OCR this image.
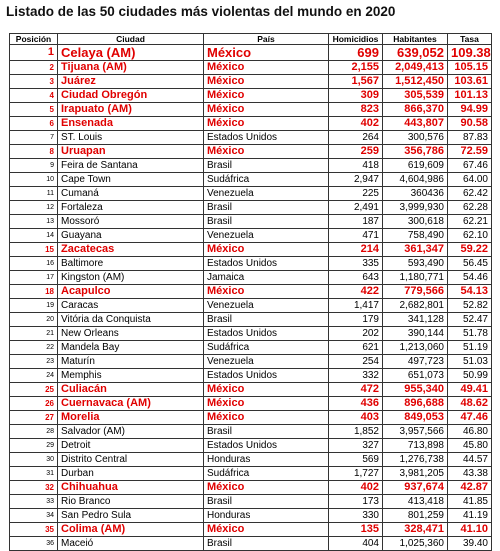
Listado de las 50 ciudades más violentas del mundo en 2020
Posición	Ciudad	País	Homicidios	Habitantes	Tasa
1	Celaya (AM)	México	699	639,052	109.38
2	Tijuana (AM)	México	2,155	2,049,413	105.15
3	Juárez	México	1,567	1,512,450	103.61
4	Ciudad Obregón	México	309	305,539	101.13
5	Irapuato (AM)	México	823	866,370	94.99
6	Ensenada	México	402	443,807	90.58
7	ST. Louis	Estados Unidos	264	300,576	87.83
8	Uruapan	México	259	356,786	72.59
9	Feira de Santana	Brasil	418	619,609	67.46
10	Cape Town	Sudáfrica	2,947	4,604,986	64.00
11	Cumaná	Venezuela	225	360436	62.42
12	Fortaleza	Brasil	2,491	3,999,930	62.28
13	Mossoró	Brasil	187	300,618	62.21
14	Guayana	Venezuela	471	758,490	62.10
15	Zacatecas	México	214	361,347	59.22
16	Baltimore	Estados Unidos	335	593,490	56.45
17	Kingston (AM)	Jamaica	643	1,180,771	54.46
18	Acapulco	México	422	779,566	54.13
19	Caracas	Venezuela	1,417	2,682,801	52.82
20	Vitória da Conquista	Brasil	179	341,128	52.47
21	New Orleans	Estados Unidos	202	390,144	51.78
22	Mandela Bay	Sudáfrica	621	1,213,060	51.19
23	Maturín	Venezuela	254	497,723	51.03
24	Memphis	Estados Unidos	332	651,073	50.99
25	Culiacán	México	472	955,340	49.41
26	Cuernavaca (AM)	México	436	896,688	48.62
27	Morelia	México	403	849,053	47.46
28	Salvador (AM)	Brasil	1,852	3,957,566	46.80
29	Detroit	Estados Unidos	327	713,898	45.80
30	Distrito Central	Honduras	569	1,276,738	44.57
31	Durban	Sudáfrica	1,727	3,981,205	43.38
32	Chihuahua	México	402	937,674	42.87
33	Rio Branco	Brasil	173	413,418	41.85
34	San Pedro Sula	Honduras	330	801,259	41.19
35	Colima (AM)	México	135	328,471	41.10
36	Maceió	Brasil	404	1,025,360	39.40
